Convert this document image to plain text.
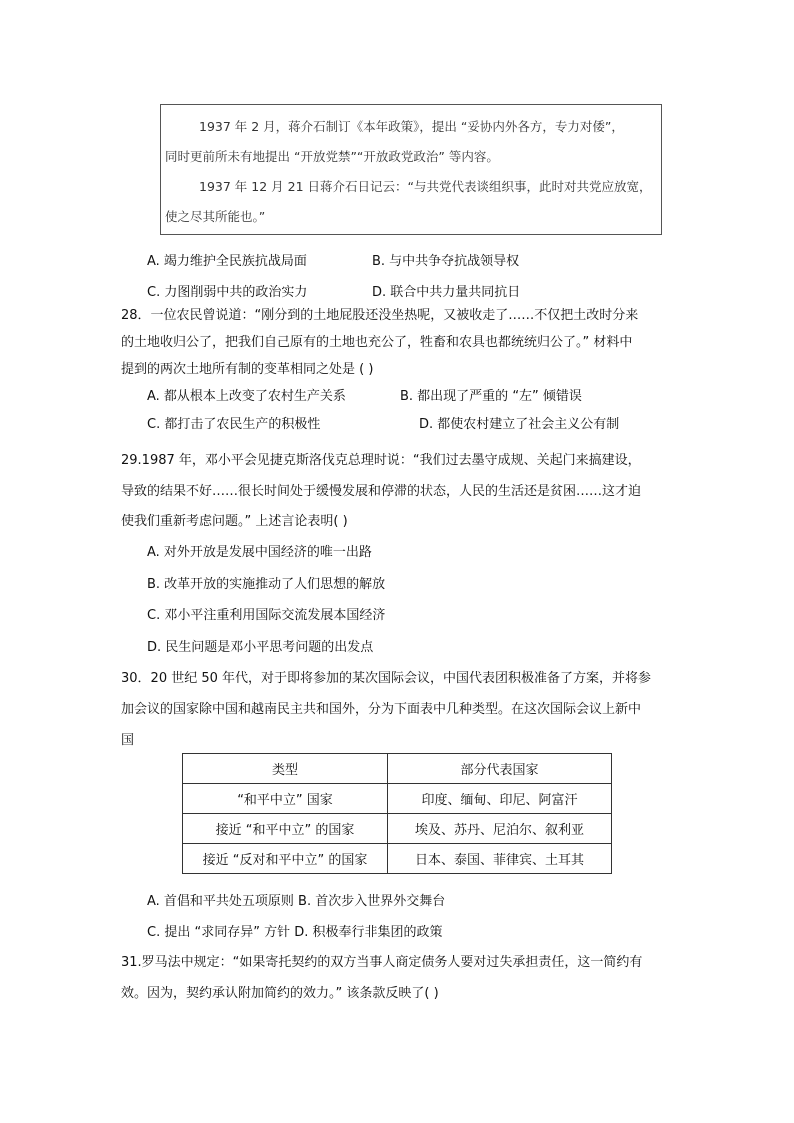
1937 年 2 月，蒋介石制订《本年政策》，提出 “妥协内外各方，专力对倭”，
同时更前所未有地提出 “开放党禁”“开放政党政治” 等内容。
1937 年 12 月 21 日蒋介石日记云：“与共党代表谈组织事，此时对共党应放宽，
使之尽其所能也。”
A. 竭力维护全民族抗战局面	B. 与中共争夺抗战领导权
C. 力图削弱中共的政治实力	D. 联合中共力量共同抗日
28．一位农民曾说道：“刚分到的土地屁股还没坐热呢，又被收走了……不仅把土改时分来
的土地收归公了，把我们自己原有的土地也充公了，牲畜和农具也都统统归公了。” 材料中
提到的两次土地所有制的变革相同之处是 ( )
A. 都从根本上改变了农村生产关系	B. 都出现了严重的 “左” 倾错误
C. 都打击了农民生产的积极性	D. 都使农村建立了社会主义公有制
29.1987 年，邓小平会见捷克斯洛伐克总理时说：“我们过去墨守成规、关起门来搞建设，
导致的结果不好……很长时间处于缓慢发展和停滞的状态，人民的生活还是贫困……这才迫
使我们重新考虑问题。” 上述言论表明( )
A. 对外开放是发展中国经济的唯一出路
B. 改革开放的实施推动了人们思想的解放
C. 邓小平注重利用国际交流发展本国经济
D. 民生问题是邓小平思考问题的出发点
30．20 世纪 50 年代，对于即将参加的某次国际会议，中国代表团积极准备了方案，并将参
加会议的国家除中国和越南民主共和国外，分为下面表中几种类型。在这次国际会议上新中
国
类型	部分代表国家
“和平中立” 国家	印度、缅甸、印尼、阿富汗
接近 “和平中立” 的国家	埃及、苏丹、尼泊尔、叙利亚
接近 “反对和平中立” 的国家	日本、泰国、菲律宾、土耳其
A. 首倡和平共处五项原则 B. 首次步入世界外交舞台
C. 提出 “求同存异” 方针 D. 积极奉行非集团的政策
31.罗马法中规定：“如果寄托契约的双方当事人商定债务人要对过失承担责任，这一简约有
效。因为，契约承认附加简约的效力。” 该条款反映了( )
